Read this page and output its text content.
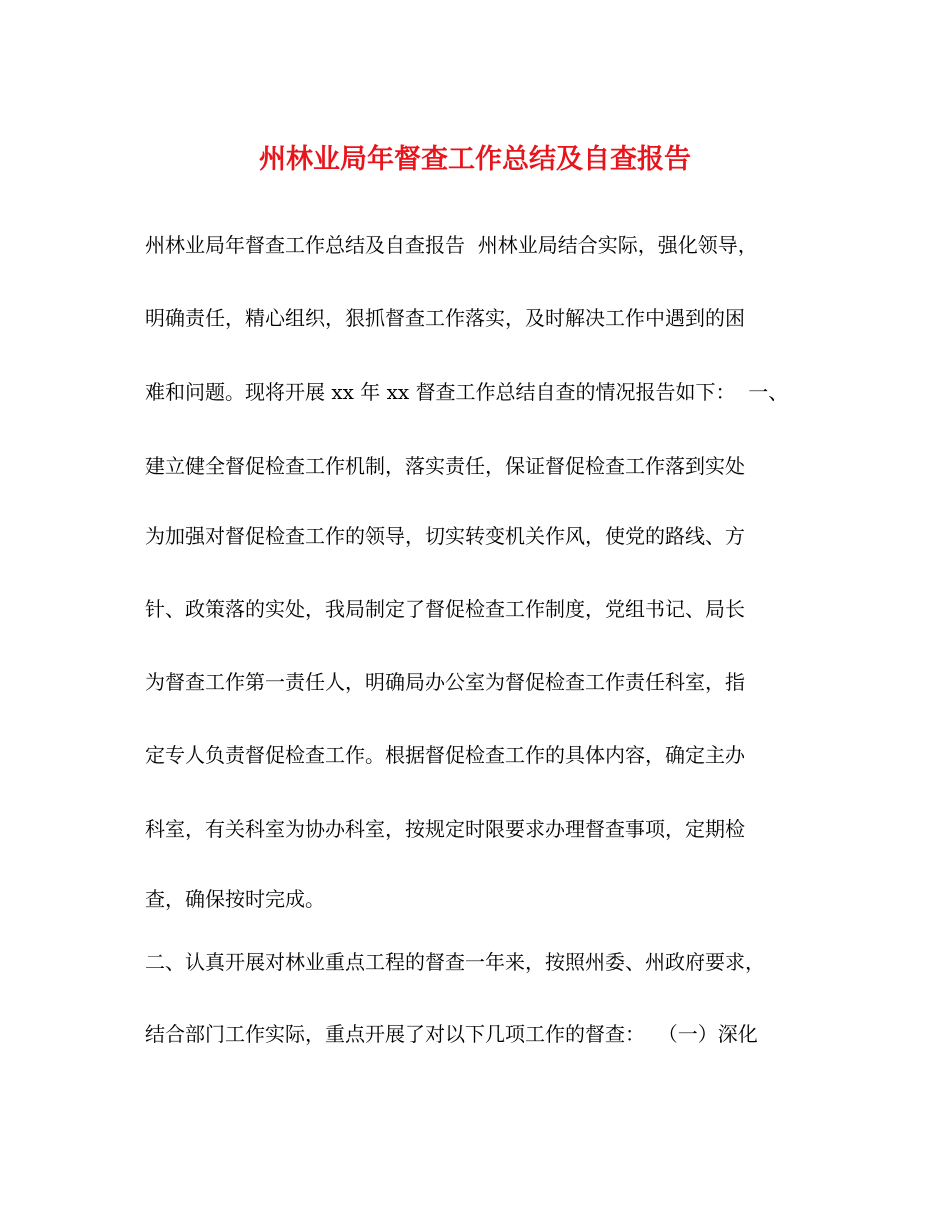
州林业局年督查工作总结及自查报告

州林业局年督查工作总结及自查报告  州林业局结合实际，强化领导，

明确责任，精心组织，狠抓督查工作落实，及时解决工作中遇到的困

难和问题。现将开展 xx 年 xx 督查工作总结自查的情况报告如下：  一、

建立健全督促检查工作机制，落实责任，保证督促检查工作落到实处

为加强对督促检查工作的领导，切实转变机关作风，使党的路线、方

针、政策落的实处，我局制定了督促检查工作制度，党组书记、局长

为督查工作第一责任人，明确局办公室为督促检查工作责任科室，指

定专人负责督促检查工作。根据督促检查工作的具体内容，确定主办

科室，有关科室为协办科室，按规定时限要求办理督查事项，定期检

查，确保按时完成。

二、认真开展对林业重点工程的督查一年来，按照州委、州政府要求，

结合部门工作实际，重点开展了对以下几项工作的督查：  （一）深化
